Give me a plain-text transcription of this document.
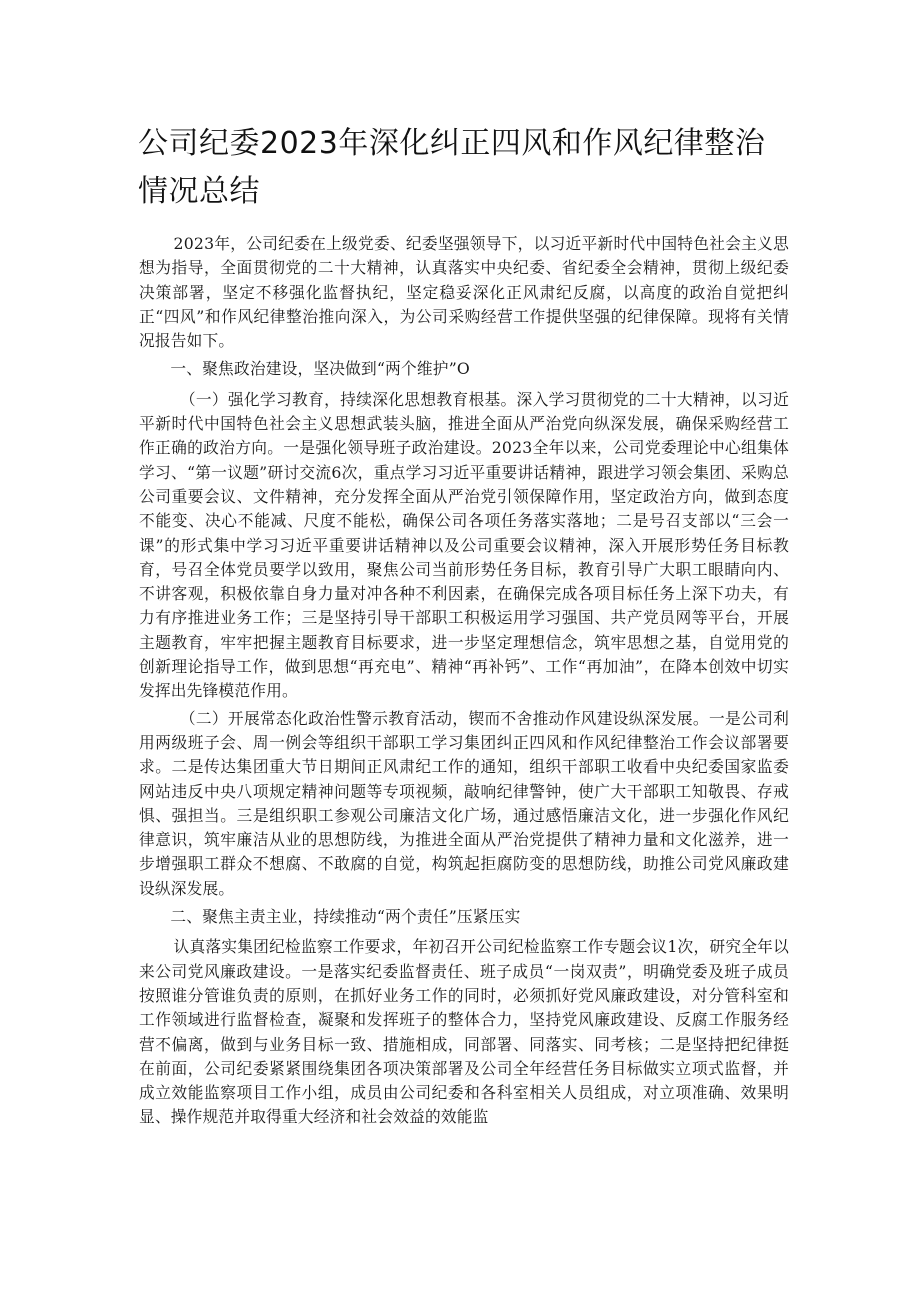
公司纪委2023年深化纠正四风和作风纪律整治情况总结

2023年，公司纪委在上级党委、纪委坚强领导下，以习近平新时代中国特色社会主义思想为指导，全面贯彻党的二十大精神，认真落实中央纪委、省纪委全会精神，贯彻上级纪委决策部署，坚定不移强化监督执纪，坚定稳妥深化正风肃纪反腐，以高度的政治自觉把纠正“四风”和作风纪律整治推向深入，为公司采购经营工作提供坚强的纪律保障。现将有关情况报告如下。

一、聚焦政治建设，坚决做到“两个维护”O

（一）强化学习教育，持续深化思想教育根基。深入学习贯彻党的二十大精神，以习近平新时代中国特色社会主义思想武装头脑，推进全面从严治党向纵深发展，确保采购经营工作正确的政治方向。一是强化领导班子政治建设。2023全年以来，公司党委理论中心组集体学习、“第一议题”研讨交流6次，重点学习习近平重要讲话精神，跟进学习领会集团、采购总公司重要会议、文件精神，充分发挥全面从严治党引领保障作用，坚定政治方向，做到态度不能变、决心不能减、尺度不能松，确保公司各项任务落实落地；二是号召支部以“三会一课”的形式集中学习习近平重要讲话精神以及公司重要会议精神，深入开展形势任务目标教育，号召全体党员要学以致用，聚焦公司当前形势任务目标，教育引导广大职工眼睛向内、不讲客观，积极依靠自身力量对冲各种不利因素，在确保完成各项目标任务上深下功夫，有力有序推进业务工作；三是坚持引导干部职工积极运用学习强国、共产党员网等平台，开展主题教育，牢牢把握主题教育目标要求，进一步坚定理想信念，筑牢思想之基，自觉用党的创新理论指导工作，做到思想“再充电”、精神“再补钙”、工作“再加油”，在降本创效中切实发挥出先锋模范作用。

（二）开展常态化政治性警示教育活动，锲而不舍推动作风建设纵深发展。一是公司利用两级班子会、周一例会等组织干部职工学习集团纠正四风和作风纪律整治工作会议部署要求。二是传达集团重大节日期间正风肃纪工作的通知，组织干部职工收看中央纪委国家监委网站违反中央八项规定精神问题等专项视频，敲响纪律警钟，使广大干部职工知敬畏、存戒惧、强担当。三是组织职工参观公司廉洁文化广场，通过感悟廉洁文化，进一步强化作风纪律意识，筑牢廉洁从业的思想防线，为推进全面从严治党提供了精神力量和文化滋养，进一步增强职工群众不想腐、不敢腐的自觉，构筑起拒腐防变的思想防线，助推公司党风廉政建设纵深发展。

二、聚焦主责主业，持续推动“两个责任”压紧压实

认真落实集团纪检监察工作要求，年初召开公司纪检监察工作专题会议1次，研究全年以来公司党风廉政建设。一是落实纪委监督责任、班子成员“一岗双责”，明确党委及班子成员按照谁分管谁负责的原则，在抓好业务工作的同时，必须抓好党风廉政建设，对分管科室和工作领域进行监督检查，凝聚和发挥班子的整体合力，坚持党风廉政建设、反腐工作服务经营不偏离，做到与业务目标一致、措施相成，同部署、同落实、同考核；二是坚持把纪律挺在前面，公司纪委紧紧围绕集团各项决策部署及公司全年经营任务目标做实立项式监督，并成立效能监察项目工作小组，成员由公司纪委和各科室相关人员组成，对立项准确、效果明显、操作规范并取得重大经济和社会效益的效能监
